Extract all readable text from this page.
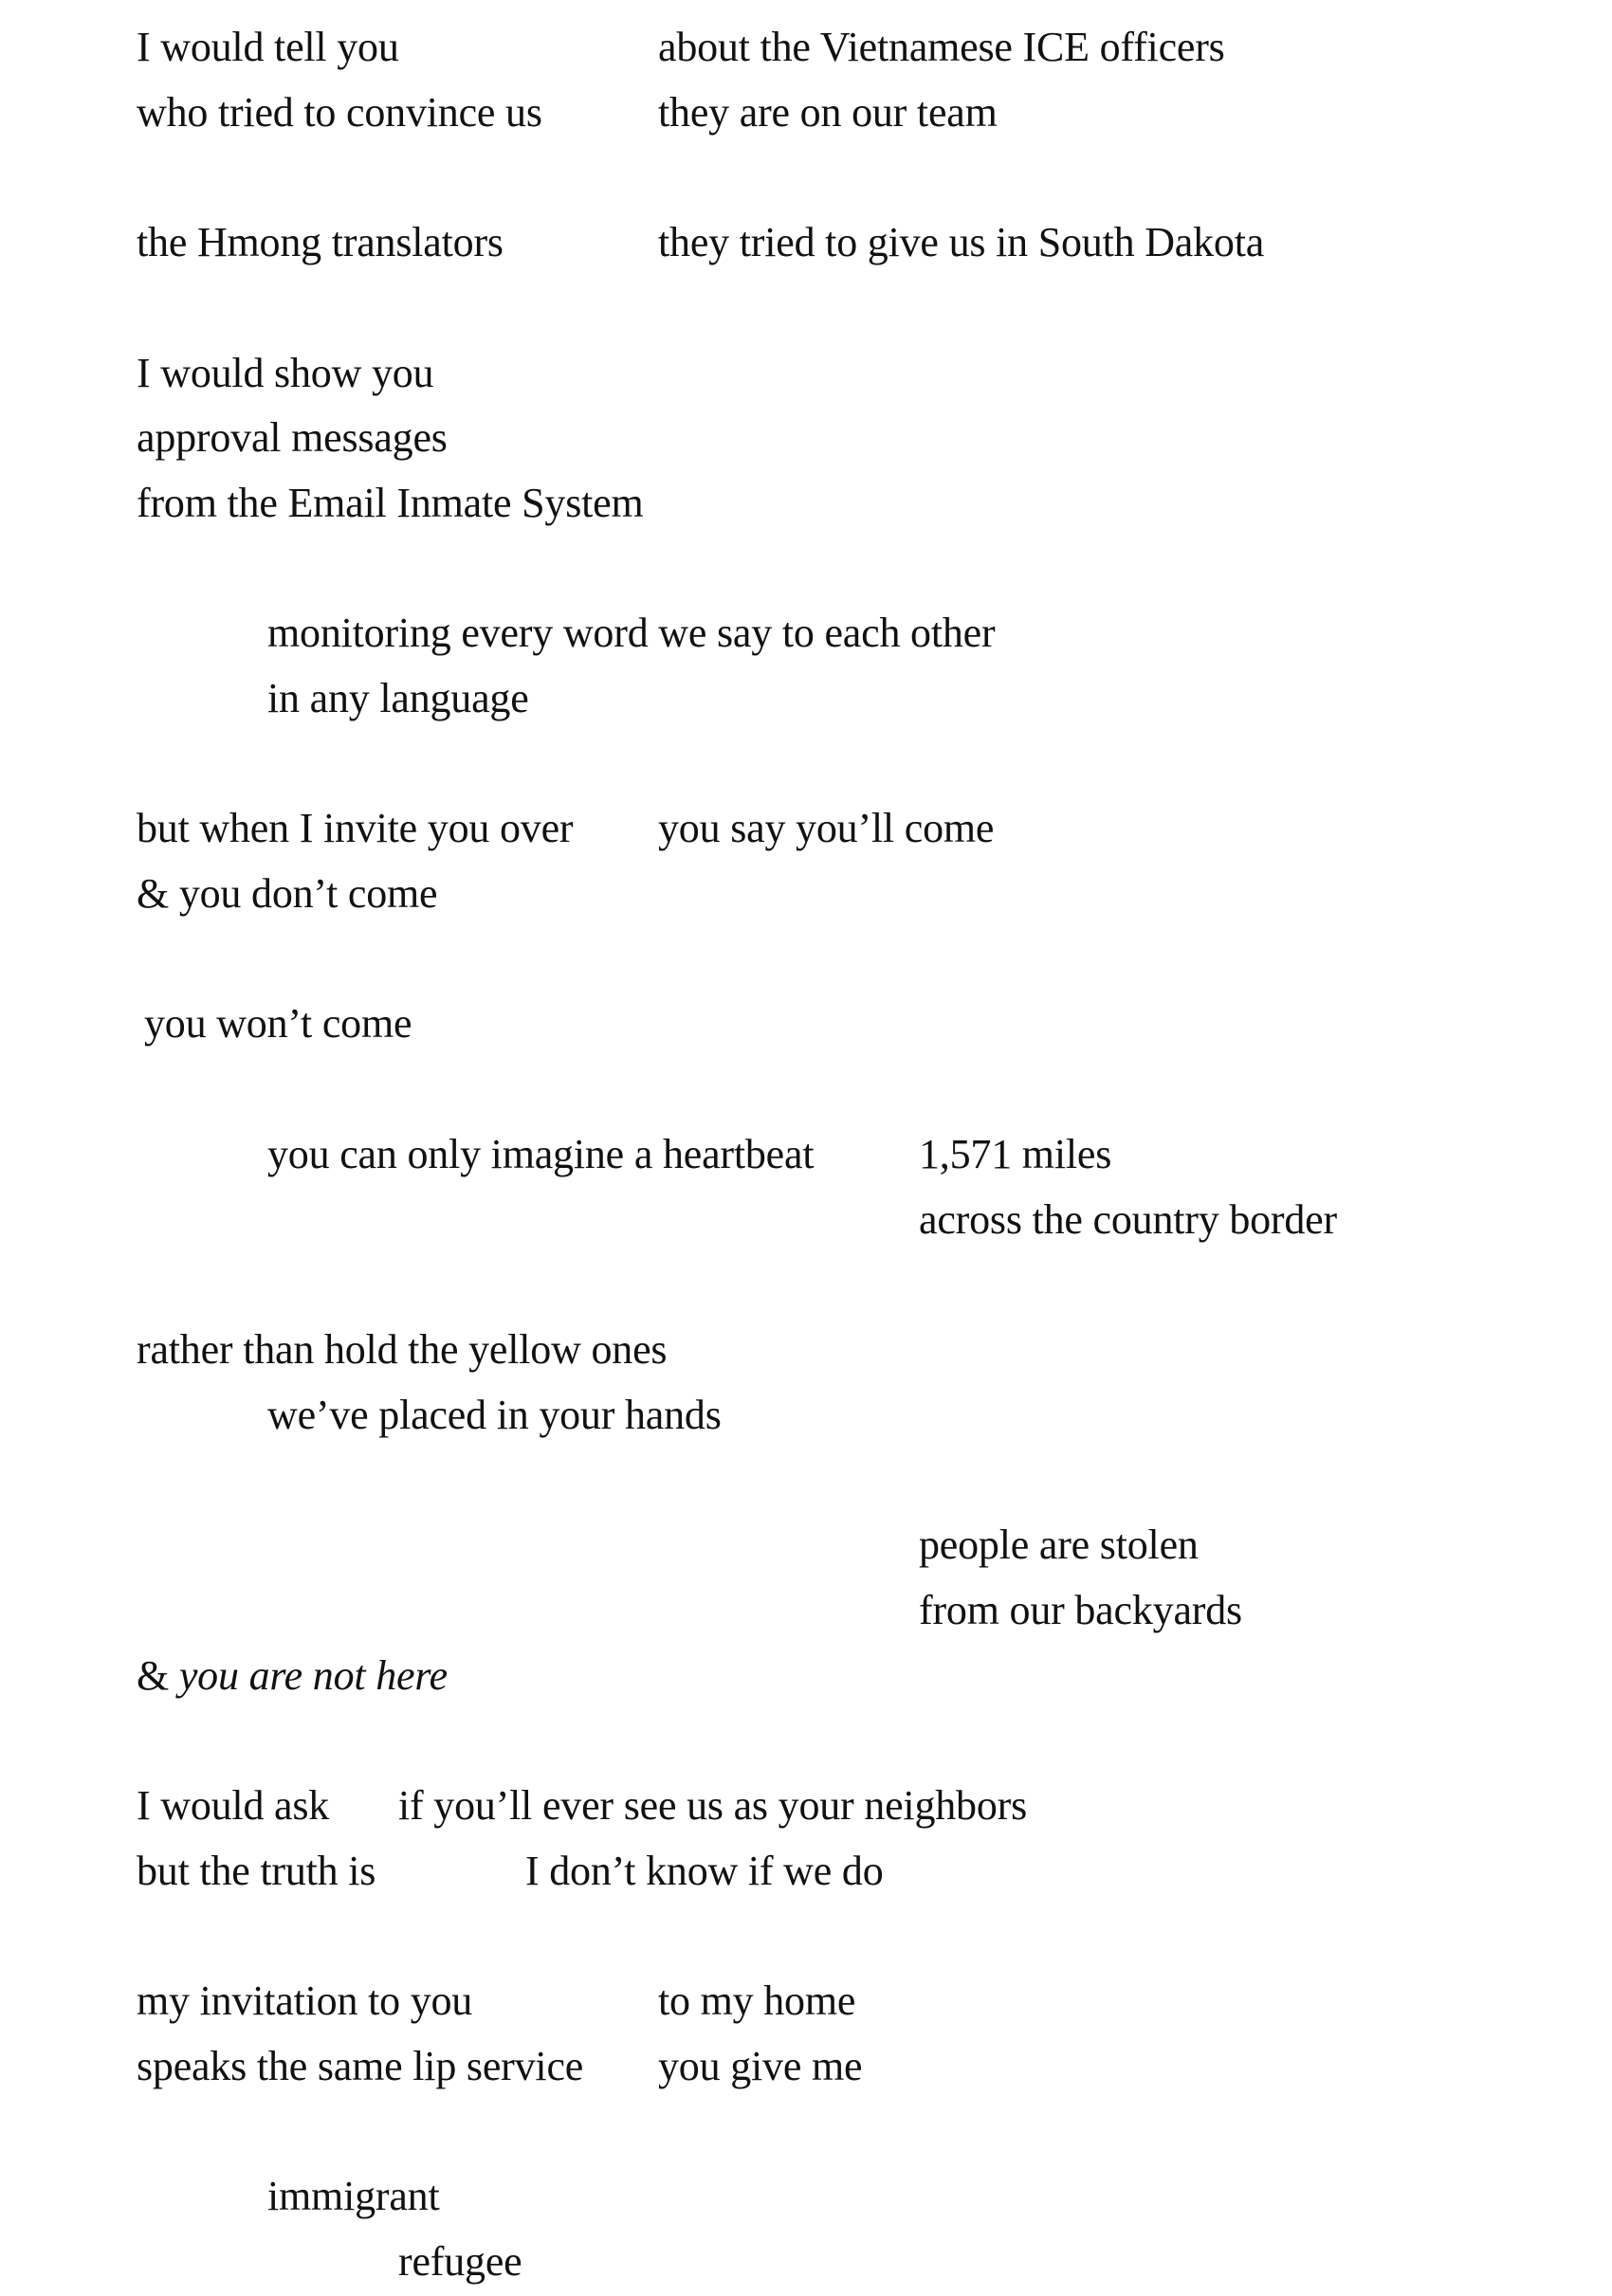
I would tell you	about the Vietnamese ICE officers

who tried to convince us	they are on our team

the Hmong translators	they tried to give us in South Dakota

I would show you

approval messages

from the Email Inmate System

monitoring every word we say to each other

in any language

but when I invite you over you say you’ll come

& you don’t come

you won’t come

you can only imagine a heartbeat	1,571 miles

across the country border

rather than hold the yellow ones

we’ve placed in your hands

people are stolen

from our backyards

& you are not here

I would ask if you’ll ever see us as your neighbors

but the truth is	I don’t know if we do

my invitation to you	to my home

speaks the same lip service you give me

immigrant

refugee
